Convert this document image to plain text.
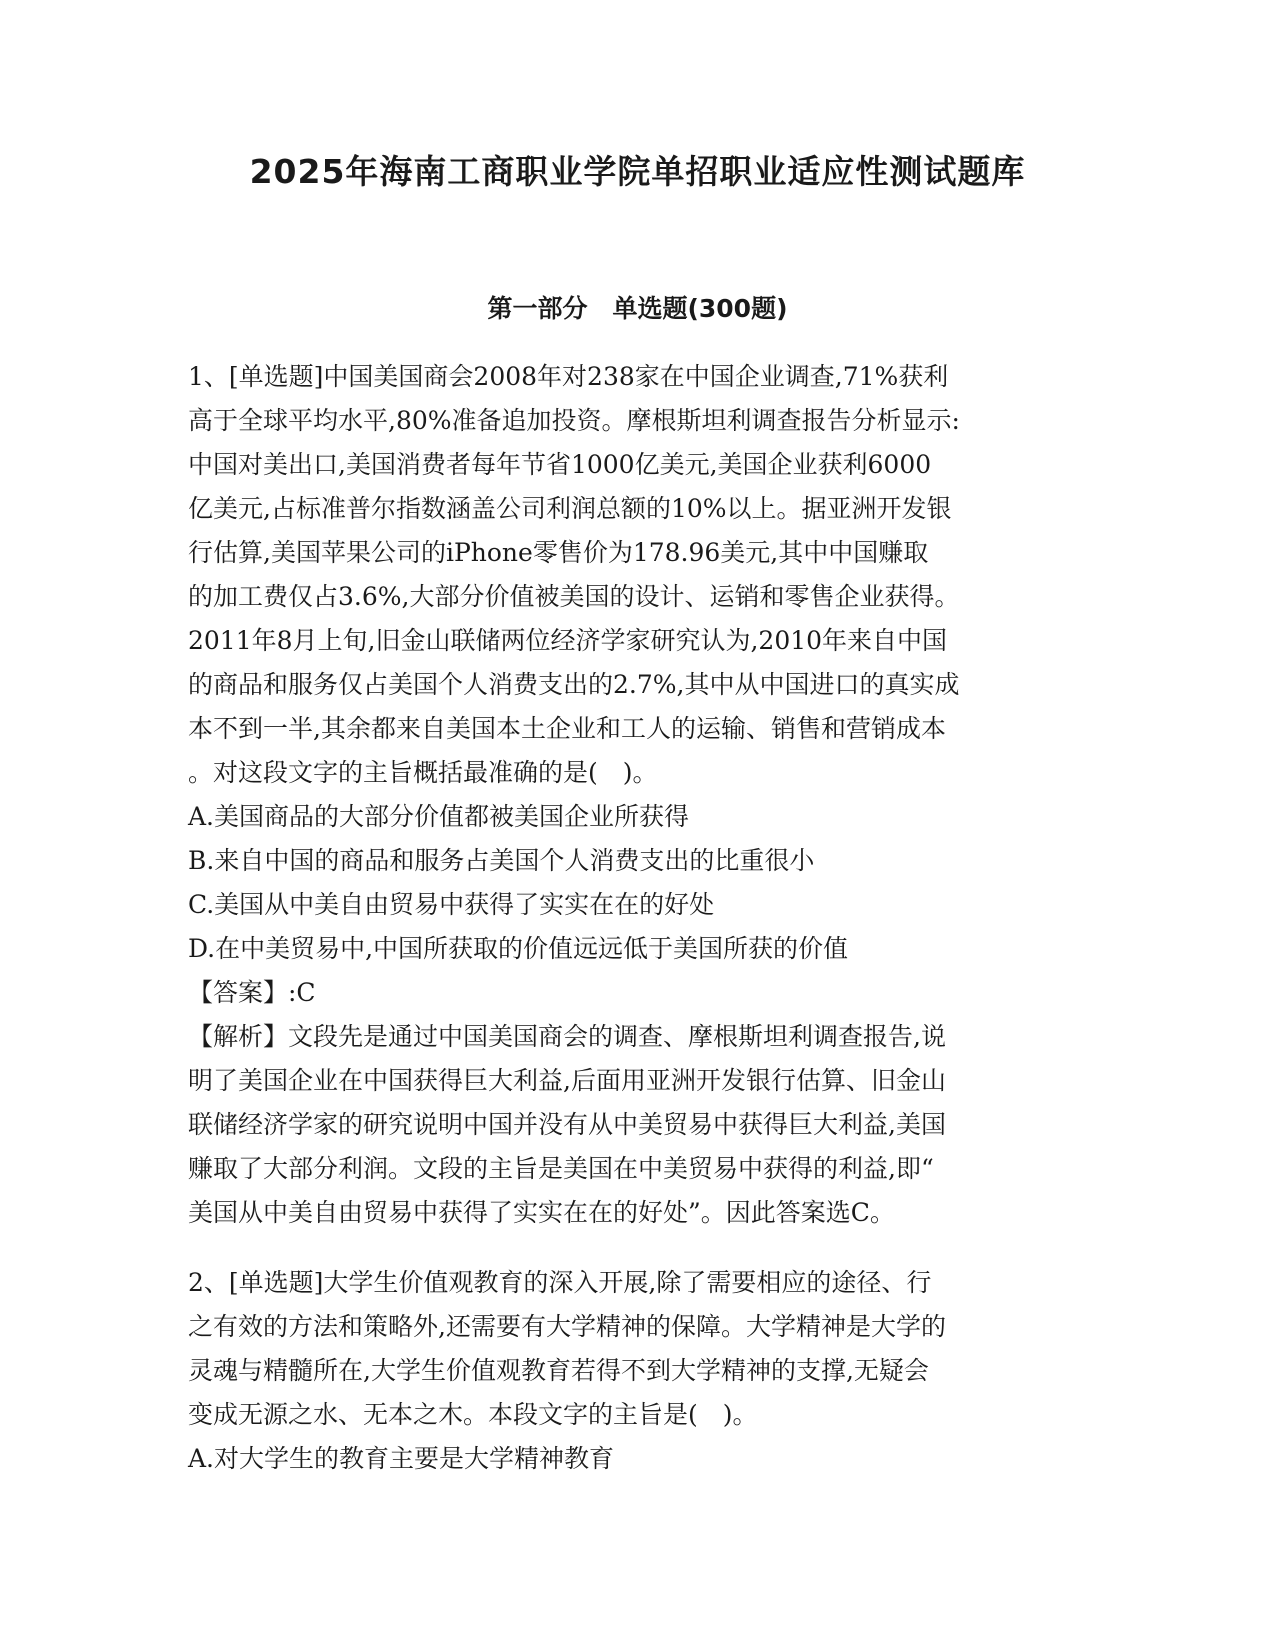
2025年海南工商职业学院单招职业适应性测试题库
第一部分　单选题(300题)
1、[单选题]中国美国商会2008年对238家在中国企业调查,71%获利
高于全球平均水平,80%准备追加投资。摩根斯坦利调查报告分析显示:
中国对美出口,美国消费者每年节省1000亿美元,美国企业获利6000
亿美元,占标准普尔指数涵盖公司利润总额的10%以上。据亚洲开发银
行估算,美国苹果公司的iPhone零售价为178.96美元,其中中国赚取
的加工费仅占3.6%,大部分价值被美国的设计、运销和零售企业获得。
2011年8月上旬,旧金山联储两位经济学家研究认为,2010年来自中国
的商品和服务仅占美国个人消费支出的2.7%,其中从中国进口的真实成
本不到一半,其余都来自美国本土企业和工人的运输、销售和营销成本
。对这段文字的主旨概括最准确的是(　)。
A.美国商品的大部分价值都被美国企业所获得
B.来自中国的商品和服务占美国个人消费支出的比重很小
C.美国从中美自由贸易中获得了实实在在的好处
D.在中美贸易中,中国所获取的价值远远低于美国所获的价值
【答案】:C
【解析】文段先是通过中国美国商会的调查、摩根斯坦利调查报告,说
明了美国企业在中国获得巨大利益,后面用亚洲开发银行估算、旧金山
联储经济学家的研究说明中国并没有从中美贸易中获得巨大利益,美国
赚取了大部分利润。文段的主旨是美国在中美贸易中获得的利益,即“
美国从中美自由贸易中获得了实实在在的好处”。因此答案选C。
2、[单选题]大学生价值观教育的深入开展,除了需要相应的途径、行
之有效的方法和策略外,还需要有大学精神的保障。大学精神是大学的
灵魂与精髓所在,大学生价值观教育若得不到大学精神的支撑,无疑会
变成无源之水、无本之木。本段文字的主旨是(　)。
A.对大学生的教育主要是大学精神教育
